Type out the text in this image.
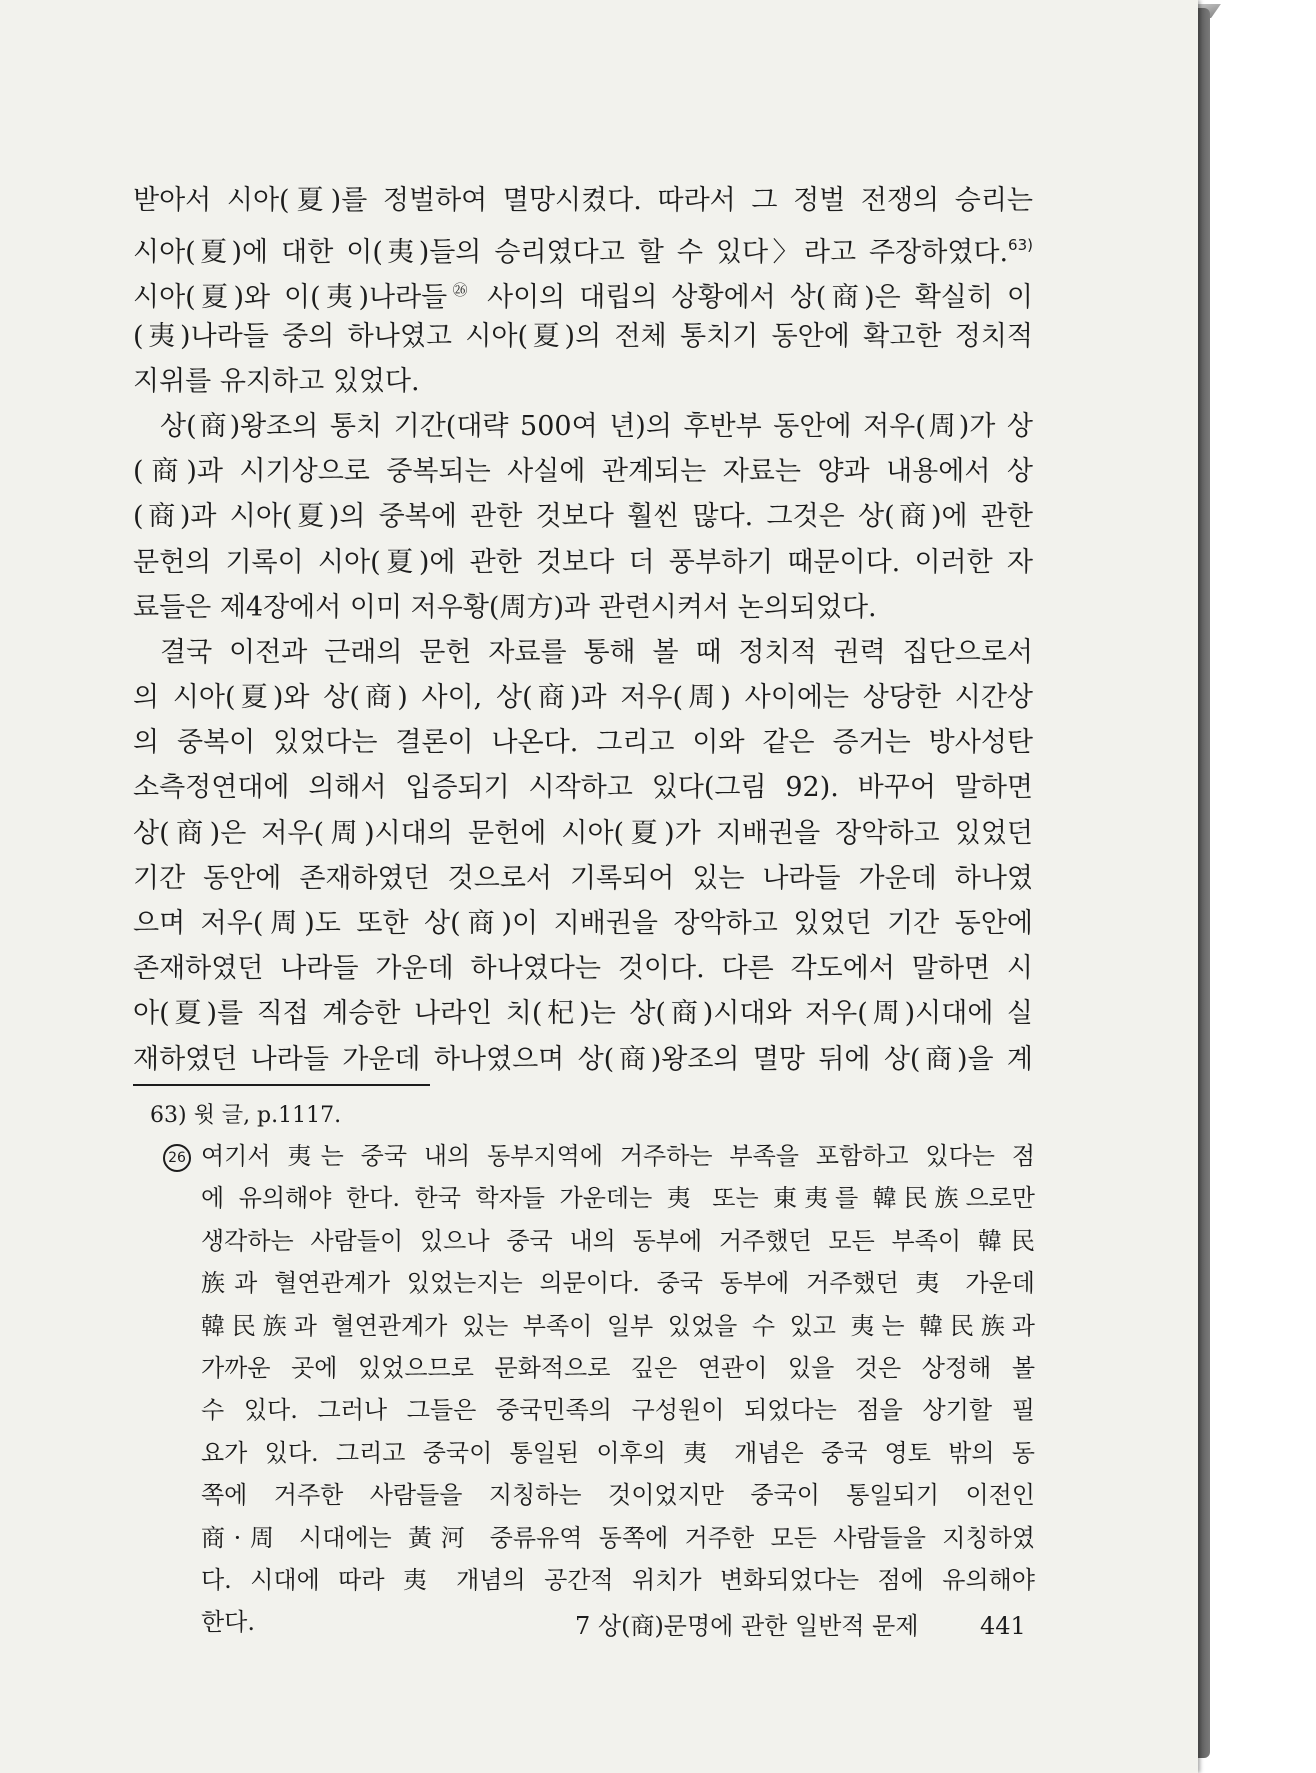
받아서 시아(夏)를 정벌하여 멸망시켰다. 따라서 그 정벌 전쟁의 승리는
시아(夏)에 대한 이(夷)들의 승리였다고 할 수 있다〉라고 주장하였다.$^{63)}$
시아(夏)와 이(夷)나라들$^㉖$ 사이의 대립의 상황에서 상(商)은 확실히 이
(夷)나라들 중의 하나였고 시아(夏)의 전체 통치기 동안에 확고한 정치적
지위를 유지하고 있었다.
상(商)왕조의 통치 기간(대략 500여 년)의 후반부 동안에 저우(周)가 상
(商)과 시기상으로 중복되는 사실에 관계되는 자료는 양과 내용에서 상
(商)과 시아(夏)의 중복에 관한 것보다 훨씬 많다. 그것은 상(商)에 관한
문헌의 기록이 시아(夏)에 관한 것보다 더 풍부하기 때문이다. 이러한 자
료들은 제4장에서 이미 저우황(周方)과 관련시켜서 논의되었다.
결국 이전과 근래의 문헌 자료를 통해 볼 때 정치적 권력 집단으로서
의 시아(夏)와 상(商) 사이, 상(商)과 저우(周) 사이에는 상당한 시간상
의 중복이 있었다는 결론이 나온다. 그리고 이와 같은 증거는 방사성탄
소측정연대에 의해서 입증되기 시작하고 있다(그림 92). 바꾸어 말하면
상(商)은 저우(周)시대의 문헌에 시아(夏)가 지배권을 장악하고 있었던
기간 동안에 존재하였던 것으로서 기록되어 있는 나라들 가운데 하나였
으며 저우(周)도 또한 상(商)이 지배권을 장악하고 있었던 기간 동안에
존재하였던 나라들 가운데 하나였다는 것이다. 다른 각도에서 말하면 시
아(夏)를 직접 계승한 나라인 치(杞)는 상(商)시대와 저우(周)시대에 실
재하였던 나라들 가운데 하나였으며 상(商)왕조의 멸망 뒤에 상(商)을 계
63) 윗 글, p.1117.
26 여기서 夷는 중국 내의 동부지역에 거주하는 부족을 포함하고 있다는 점
에 유의해야 한다. 한국 학자들 가운데는 夷 또는 東夷를 韓民族으로만
생각하는 사람들이 있으나 중국 내의 동부에 거주했던 모든 부족이 韓民
族과 혈연관계가 있었는지는 의문이다. 중국 동부에 거주했던 夷 가운데
韓民族과 혈연관계가 있는 부족이 일부 있었을 수 있고 夷는 韓民族과
가까운 곳에 있었으므로 문화적으로 깊은 연관이 있을 것은 상정해 볼
수 있다. 그러나 그들은 중국민족의 구성원이 되었다는 점을 상기할 필
요가 있다. 그리고 중국이 통일된 이후의 夷 개념은 중국 영토 밖의 동
쪽에 거주한 사람들을 지칭하는 것이었지만 중국이 통일되기 이전인
商·周 시대에는 黃河 중류유역 동쪽에 거주한 모든 사람들을 지칭하였
다. 시대에 따라 夷 개념의 공간적 위치가 변화되었다는 점에 유의해야
한다.	7 상(商)문명에 관한 일반적 문제	441
